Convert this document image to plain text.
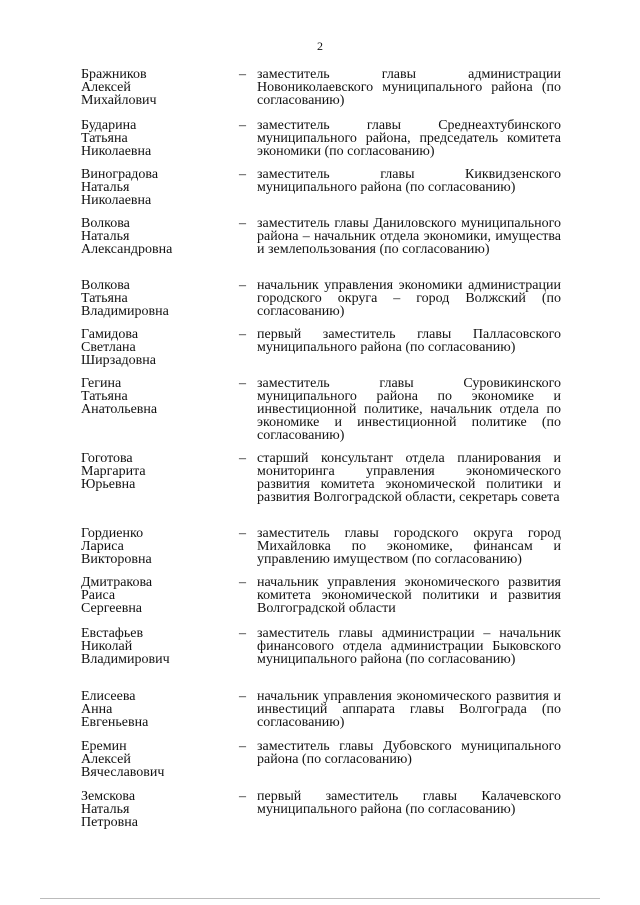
2
Бражников
Алексей
Михайлович
– заместитель главы администрации Новониколаевского муниципального района (по согласованию)
Бударина
Татьяна
Николаевна
– заместитель главы Среднеахтубинского муниципального района, председатель комитета экономики (по согласованию)
Виноградова
Наталья
Николаевна
– заместитель главы Киквидзенского муниципального района (по согласованию)
Волкова
Наталья
Александровна
– заместитель главы Даниловского муниципального района – начальник отдела экономики, имущества и землепользования (по согласованию)
Волкова
Татьяна
Владимировна
– начальник управления экономики администрации городского округа – город Волжский (по согласованию)
Гамидова
Светлана
Ширзадовна
– первый заместитель главы Палласовского муниципального района (по согласованию)
Гегина
Татьяна
Анатольевна
– заместитель главы Суровикинского муниципального района по экономике и инвестиционной политике, начальник отдела по экономике и инвестиционной политике (по согласованию)
Гоготова
Маргарита
Юрьевна
– старший консультант отдела планирования и мониторинга управления экономического развития комитета экономической политики и развития Волгоградской области, секретарь совета
Гордиенко
Лариса
Викторовна
– заместитель главы городского округа город Михайловка по экономике, финансам и управлению имуществом (по согласованию)
Дмитракова
Раиса
Сергеевна
– начальник управления экономического развития комитета экономической политики и развития Волгоградской области
Евстафьев
Николай
Владимирович
– заместитель главы администрации – начальник финансового отдела администрации Быковского муниципального района (по согласованию)
Елисеева
Анна
Евгеньевна
– начальник управления экономического развития и инвестиций аппарата главы Волгограда (по согласованию)
Еремин
Алексей
Вячеславович
– заместитель главы Дубовского муниципального района (по согласованию)
Земскова
Наталья
Петровна
– первый заместитель главы Калачевского муниципального района (по согласованию)
